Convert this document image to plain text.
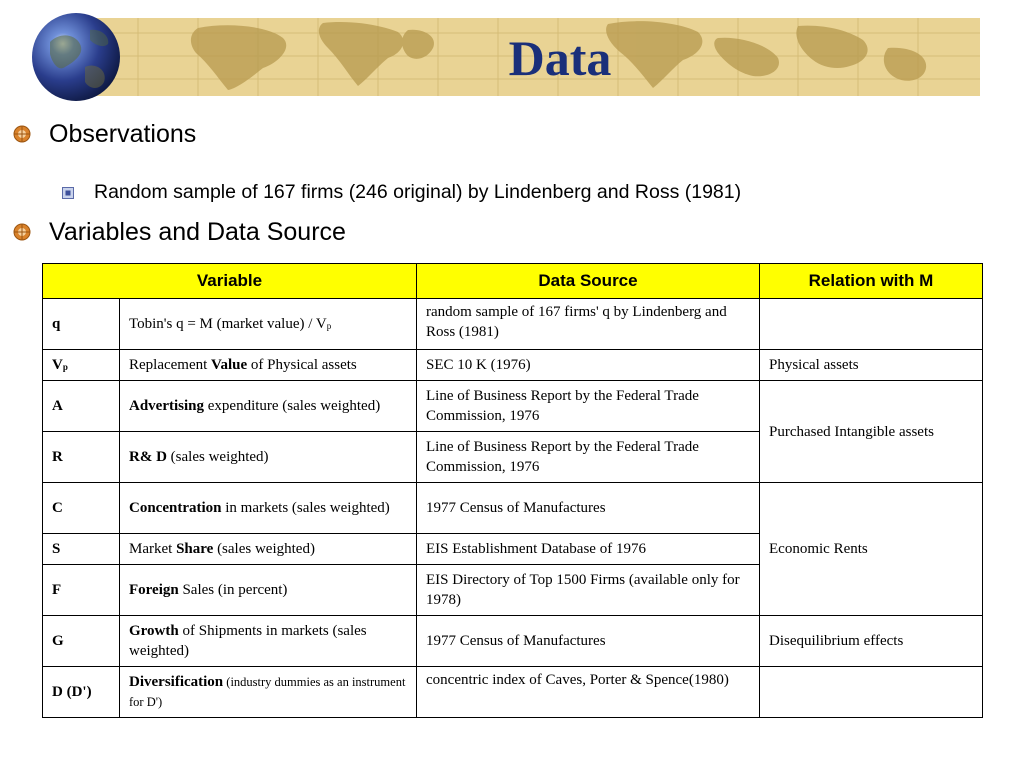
Data
Observations
Random sample of 167 firms (246 original) by Lindenberg and Ross (1981)
Variables and Data Source
Variable		Data Source	Relation with M
q	Tobin's q = M (market value) / $V^p$	random sample of 167 firms' q by Lindenberg and Ross (1981)	
$V^p$	Replacement Value of Physical assets	SEC 10 K (1976)	Physical assets
A	Advertising expenditure (sales weighted)	Line of Business Report by the Federal Trade Commission, 1976	Purchased Intangible assets
R	R& D (sales weighted)	Line of Business Report by the Federal Trade Commission, 1976	
C	Concentration in markets (sales weighted)	1977 Census of Manufactures	Economic Rents
S	Market Share (sales weighted)	EIS Establishment Database of 1976	
F	Foreign Sales (in percent)	EIS Directory of Top 1500 Firms (available only for 1978)	
G	Growth of Shipments in markets (sales weighted)	1977 Census of Manufactures	Disequilibrium effects
D (D')	Diversification (industry dummies as an instrument for D')	concentric index of Caves, Porter & Spence(1980)	
